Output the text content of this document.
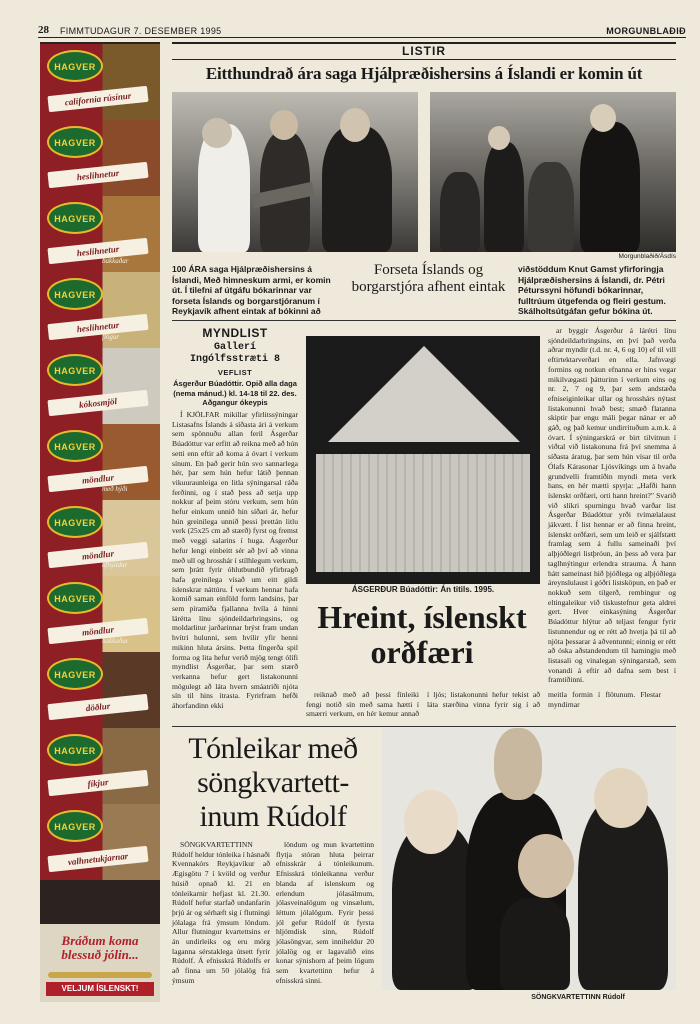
28 FIMMTUDAGUR 7. DESEMBER 1995	MORGUNBLAÐIÐ
HAGVER
california rúsínur
HAGVER
heslihnetur
HAGVER
heslihnetur
bakkaðar
HAGVER
heslihnetur
flögur
HAGVER
kókosmjöl
HAGVER
möndlur
með hýði
HAGVER
möndlur
afhýddar
HAGVER
möndlur
hakkaðar
HAGVER
döðlur
HAGVER
fíkjur
HAGVER
valhnetukjarnar
Bráðum koma blessuð jólin...
VELJUM ÍSLENSKT!
LISTIR
Eitthundrað ára saga Hjálpræðishersins á Íslandi er komin út
Morgunblaðið/Ásdís
100 ÁRA saga Hjálpræðishersins á Íslandi, Með himneskum armi, er komin út. Í tilefni af útgáfu bókarinnar var forseta Íslands og borgarstjóranum í Reykjavík afhent eintak af bókinni að
Forseta Íslands og borgarstjóra afhent eintak
viðstöddum Knut Gamst yfirforingja Hjálpræðishersins á Íslandi, dr. Pétri Péturssyni höfundi bókarinnar, fulltrúum útgefenda og fleiri gestum. Skálholtsútgáfan gefur bókina út.
MYNDLIST
Gallerí Ingólfsstræti 8
VEFLIST
Ásgerður Búadóttir. Opið alla daga (nema mánud.) kl. 14-18 til 22. des. Aðgangur ókeypis

Í KJÖLFAR mikillar yfirlitssýningar Listasafns Íslands á síðasta ári á verkum sem spönnuðu allan feril Ásgerðar Búadóttur var erfitt að reikna með að hún setti enn eftir að koma á óvart í verkum sínum. En það gerir hún svo sannarlega hér, þar sem hún hefur látið þennan vikuuraunleiga en litla sýningarsal ráða ferðinni, og í stað þess að setja upp nokkur af þeim stóru verkum, sem hún hefur einkum unnið hin síðari ár, hefur hún greinilega unnið þessi þrettán litlu verk (25x25 cm að stærð) fyrst og fremst með veggi salarins í huga. Ásgerður hefur lengi einbeitt sér að því að vinna með ull og hrosshár í stílhlegum verkum, sem þrátt fyrir óhlutbundið yfirbragð hafa greinilega vísað um eitt gildi íslenskrar náttúru. Í verkum hennar hafa komið saman einföld form landsins, þar sem píramíða fjallanna hvíla á hinni lárétta línu sjóndeildarhringsins, og moldarlitur jarðarinnar brýst fram undan hvítri hulunni, sem hvílir yfir henni mikinn hluta ársins. Þetta fíngerða spil forma og lita hefur verið mjög tengt ólífi myndlist Ásgerðar, þar sem stærð verkanna hefur gert listakonunni mögulegt að láta hvern smáatriði njóta sín til hins ítrasta. Fyrirfram hefði áhorfandinn ekki

ÁSGERÐUR Búadóttir: Án titils. 1995.
Hreint, íslenskt orðfæri

reiknað með að þessi fínleiki fengi notið sín með sama hætti í smærri verkum, en hér kemur annað í ljós; listakonunni hefur tekist að láta stærðina vinna fyrir sig í að meitla formin í flötunum. Flestar myndirnar

ar byggir Ásgerður á lárétri línu sjóndeildarhringsins, en því það verða aðrar myndir (t.d. nr. 4, 6 og 10) ef til vill eftirtektarverðari en ella. Jafnvægi formins og notkun efnanna er hins vegar mikilvægasti þátturinn í verkum eins og nr. 2, 7 og 9, þar sem andstæða efniseiginleikar ullar og hrosshárs nýtast listakonunni hvað best; smæð flatanna skiptir þar engu máli þegar nánar er að gáð, og það kemur undirrituðum a.m.k. á óvart. Í sýningarskrá er birt tilvitnun í viðtal við listakonuna frá því snemma á síðasta áratug, þar sem hún vísar til orða Ólafs Kárasonar Ljósvíkings um á hvaða grundvelli framtíðin myndi meta verk hans, en hér mætti spyrja: „Hafði hann íslenskt orðfæri, orti hann hreint?" Svarið við slíkri spurningu hvað varðar list Ásgerðar Búadóttur yrði tvímælalaust jákvætt. Í list hennar er að finna hreint, íslenskt orðfæri, sem um leið er sjálfstætt framlag sem á fullu sameinaði því alþjóðlegri listþróun, án þess að vera þar taglhnýtingur erlendra strauma. Á hann hátt sameinast hið þjóðlega og alþjóðlega áreynslulaust í góðri listsköpun, en það er nokkuð sem tilgerð, rembingur og eltingaleikur við tískustefnur geta aldrei gert. Hver einkasýning Ásgerðar Búadóttur hlýtur að teljast fengur fyrir listunnendur og er rétt að hvetja þá til að njóta þessarar á aðventunni; einnig er rétt að óska aðstandendum til hamingju með listasali og vinalegan sýningarstað, sem vonandi á eftir að dafna sem best í framtíðinni.

Tónleikar með söngkvartett-inum Rúdolf

SÖNGKVARTETTINN Rúdolf heldur tónleika í hásnaði Kvennakórs Reykjavíkur að Ægisgötu 7 í kvöld og verður húsið opnað kl. 21 en tónleikarnir hefjast kl. 21.30. Rúdolf hefur starfað undanfarin þrjú ár og sérhæft sig í flutningi jólalaga frá ýmsum löndum. Allur flutningur kvartettsins er án undirleiks og eru mörg laganna sérstaklega útsett fyrir Rúdolf. Á efnisskrá Rúdolfs er að finna um 50 jólalög frá ýmsum

löndum og mun kvartettinn flytja stóran hluta þeirrar efnisskrár á tónleikunum. Efnisskrá tónleikanna verður blanda af íslenskum og erlendum jólasálmum, jólasveinalögum og vinsælum, léttum jólalögum. Fyrir þessi jól gefur Rúdolf út fyrsta hljómdisk sinn, Rúdolf jólasöngvar, sem inniheldur 20 jólalög og er lagavalið eins konar sýnishorn af þeim lögum sem kvartettinn hefur á efnisskrá sinni.

SÖNGKVARTETTINN Rúdolf
